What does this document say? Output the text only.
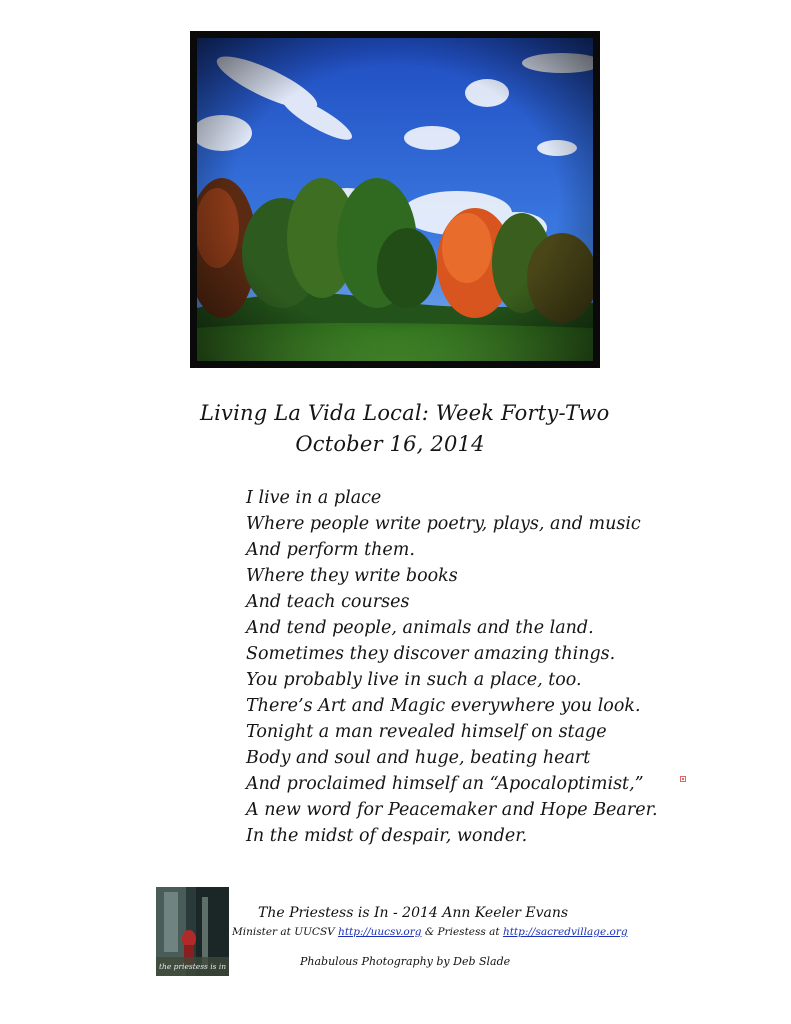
Living La Vida Local: Week Forty-Two
October 16, 2014
I live in a place
Where people write poetry, plays, and music
And perform them.
Where they write books
And teach courses
And tend people, animals and the land.
Sometimes they discover amazing things.
You probably live in such a place, too.
There’s Art and Magic everywhere you look.
Tonight a man revealed himself on stage
Body and soul and huge, beating heart
And proclaimed himself an “Apocaloptimist,”
A new word for Peacemaker and Hope Bearer.
In the midst of despair, wonder.
the priestess is in
The Priestess is In - 2014 Ann Keeler Evans
Minister at UUCSV http://uucsv.org & Priestess at http://sacredvillage.org
Phabulous Photography by Deb Slade
